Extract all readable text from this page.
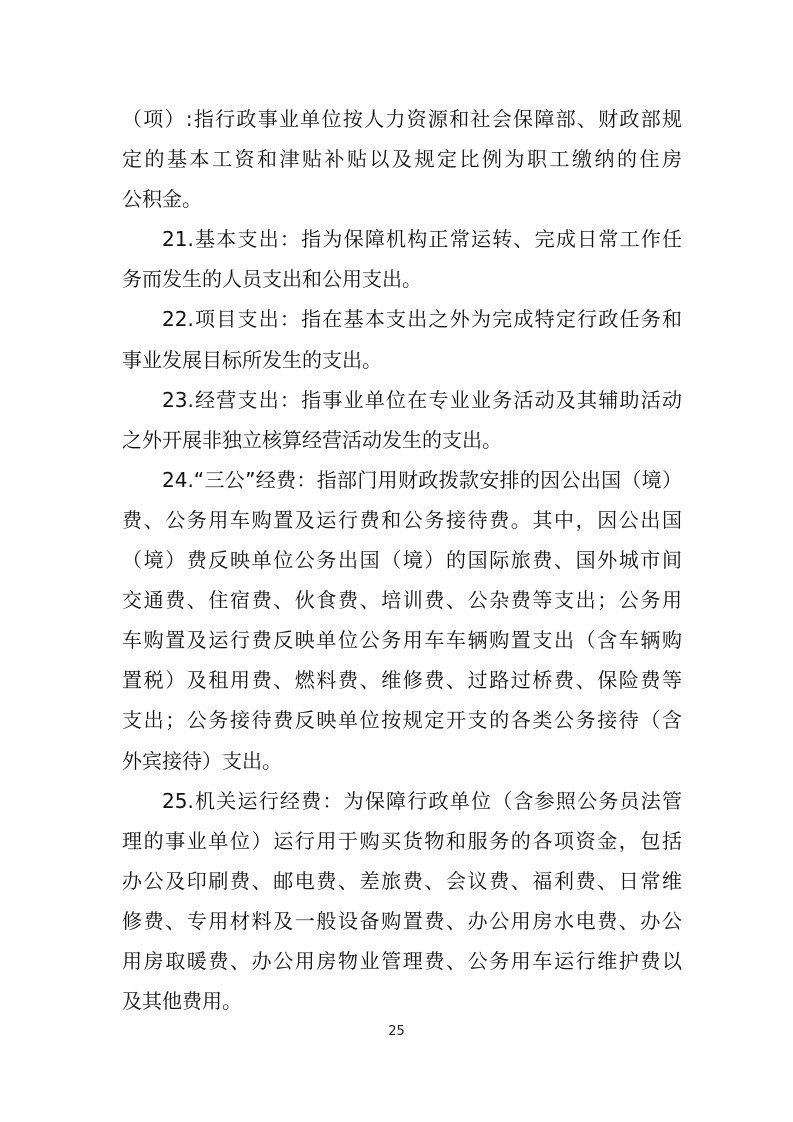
（项）:指行政事业单位按人力资源和社会保障部、财政部规
定的基本工资和津贴补贴以及规定比例为职工缴纳的住房
公积金。
21.基本支出：指为保障机构正常运转、完成日常工作任
务而发生的人员支出和公用支出。
22.项目支出：指在基本支出之外为完成特定行政任务和
事业发展目标所发生的支出。
23.经营支出：指事业单位在专业业务活动及其辅助活动
之外开展非独立核算经营活动发生的支出。
24.“三公”经费：指部门用财政拨款安排的因公出国（境）
费、公务用车购置及运行费和公务接待费。其中，因公出国
（境）费反映单位公务出国（境）的国际旅费、国外城市间
交通费、住宿费、伙食费、培训费、公杂费等支出；公务用
车购置及运行费反映单位公务用车车辆购置支出（含车辆购
置税）及租用费、燃料费、维修费、过路过桥费、保险费等
支出；公务接待费反映单位按规定开支的各类公务接待（含
外宾接待）支出。
25.机关运行经费：为保障行政单位（含参照公务员法管
理的事业单位）运行用于购买货物和服务的各项资金，包括
办公及印刷费、邮电费、差旅费、会议费、福利费、日常维
修费、专用材料及一般设备购置费、办公用房水电费、办公
用房取暖费、办公用房物业管理费、公务用车运行维护费以
及其他费用。
25
